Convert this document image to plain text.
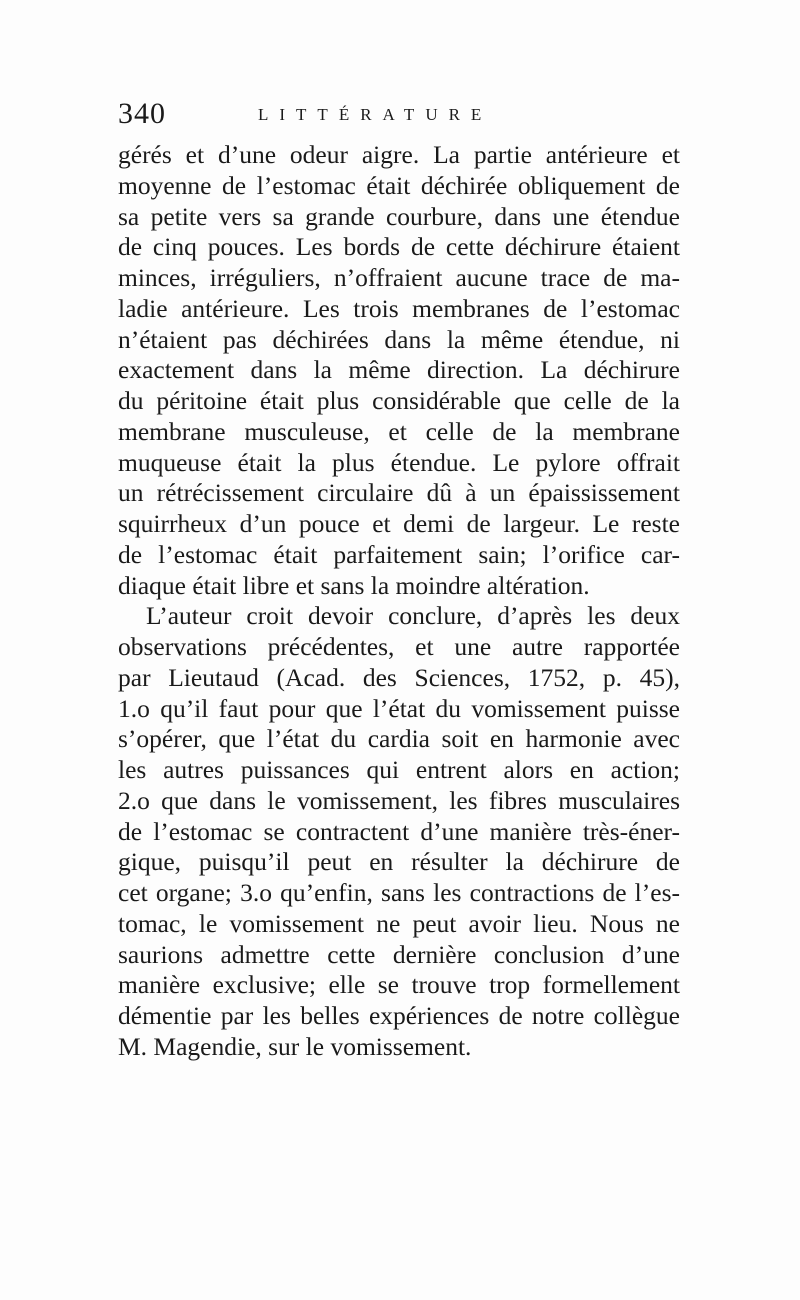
340	LITTÉRATURE
gérés et d’une odeur aigre. La partie antérieure et
moyenne de l’estomac était déchirée obliquement de
sa petite vers sa grande courbure, dans une étendue
de cinq pouces. Les bords de cette déchirure étaient
minces, irréguliers, n’offraient aucune trace de ma-
ladie antérieure. Les trois membranes de l’estomac
n’étaient pas déchirées dans la même étendue, ni
exactement dans la même direction. La déchirure
du péritoine était plus considérable que celle de la
membrane musculeuse, et celle de la membrane
muqueuse était la plus étendue. Le pylore offrait
un rétrécissement circulaire dû à un épaississement
squirrheux d’un pouce et demi de largeur. Le reste
de l’estomac était parfaitement sain; l’orifice car-
diaque était libre et sans la moindre altération.
L’auteur croit devoir conclure, d’après les deux
observations précédentes, et une autre rapportée
par Lieutaud (Acad. des Sciences, 1752, p. 45),
1.o qu’il faut pour que l’état du vomissement puisse
s’opérer, que l’état du cardia soit en harmonie avec
les autres puissances qui entrent alors en action;
2.o que dans le vomissement, les fibres musculaires
de l’estomac se contractent d’une manière très-éner-
gique, puisqu’il peut en résulter la déchirure de
cet organe; 3.o qu’enfin, sans les contractions de l’es-
tomac, le vomissement ne peut avoir lieu. Nous ne
saurions admettre cette dernière conclusion d’une
manière exclusive; elle se trouve trop formellement
démentie par les belles expériences de notre collègue
M. Magendie, sur le vomissement.
